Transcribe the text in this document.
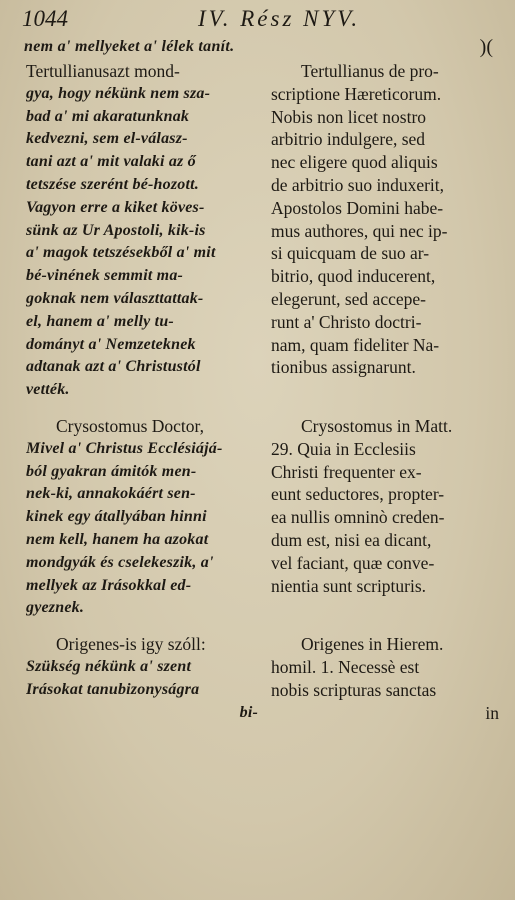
1044	IV. Rész NYV.
nem a' mellyeket a' lélek tanít.	)(
Tertullianusazt mond-
gya, hogy nékünk nem sza-
bad a' mi akaratunknak
kedvezni, sem el-válasz-
tani azt a' mit valaki az ő
tetszése szerént bé-hozott.
Vagyon erre a kiket köves-
sünk az Ur Apostoli, kik-is
a' magok tetszésekből a' mit
bé-vinének semmit ma-
goknak nem választtattak-
el, hanem a' melly tu-
dományt a' Nemzeteknek
adtanak azt a' Christustól
vették.
Crysostomus Doctor,
Mivel a' Christus Ecclésiájá-
ból gyakran ámitók men-
nek-ki, annakokáért sen-
kinek egy átallyában hinni
nem kell, hanem ha azokat
mondgyák és cselekeszik, a'
mellyek az Irásokkal ed-
gyeznek.
Origenes-is igy szóll:
Szükség nékünk a' szent
Irásokat tanubizonyságra
bi-
Tertullianus de pro-
scriptione Hæreticorum.
Nobis non licet nostro
arbitrio indulgere, sed
nec eligere quod aliquis
de arbitrio suo induxerit,
Apostolos Domini habe-
mus authores, qui nec ip-
si quicquam de suo ar-
bitrio, quod inducerent,
elegerunt, sed accepe-
runt a' Christo doctri-
nam, quam fideliter Na-
tionibus assignarunt.
Crysostomus in Matt.
29. Quia in Ecclesiis
Christi frequenter ex-
eunt seductores, propter-
ea nullis omninò creden-
dum est, nisi ea dicant,
vel faciant, quæ conve-
nientia sunt scripturis.
Origenes in Hierem.
homil. 1. Necessè est
nobis scripturas sanctas
in
